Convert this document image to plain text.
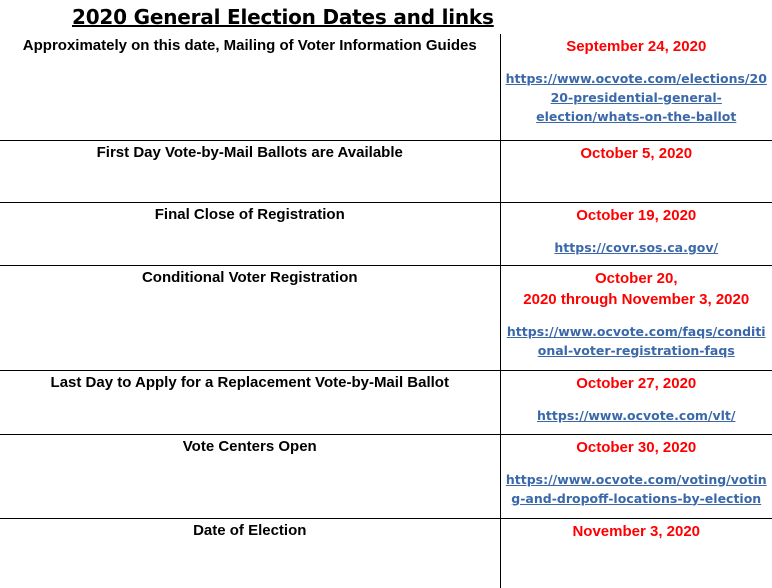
2020 General Election Dates and links
Approximately on this date, Mailing of Voter Information Guides	September 24, 2020
https://www.ocvote.com/elections/20
20-presidential-general-
election/whats-on-the-ballot

First Day Vote-by-Mail Ballots are Available	October 5, 2020

Final Close of Registration	October 19, 2020
https://covr.sos.ca.gov/

Conditional Voter Registration	October 20,
2020 through November 3, 2020
https://www.ocvote.com/faqs/conditi
onal-voter-registration-faqs

Last Day to Apply for a Replacement Vote-by-Mail Ballot	October 27, 2020
https://www.ocvote.com/vlt/

Vote Centers Open	October 30, 2020
https://www.ocvote.com/voting/votin
g-and-dropoff-locations-by-election

Date of Election	November 3, 2020
